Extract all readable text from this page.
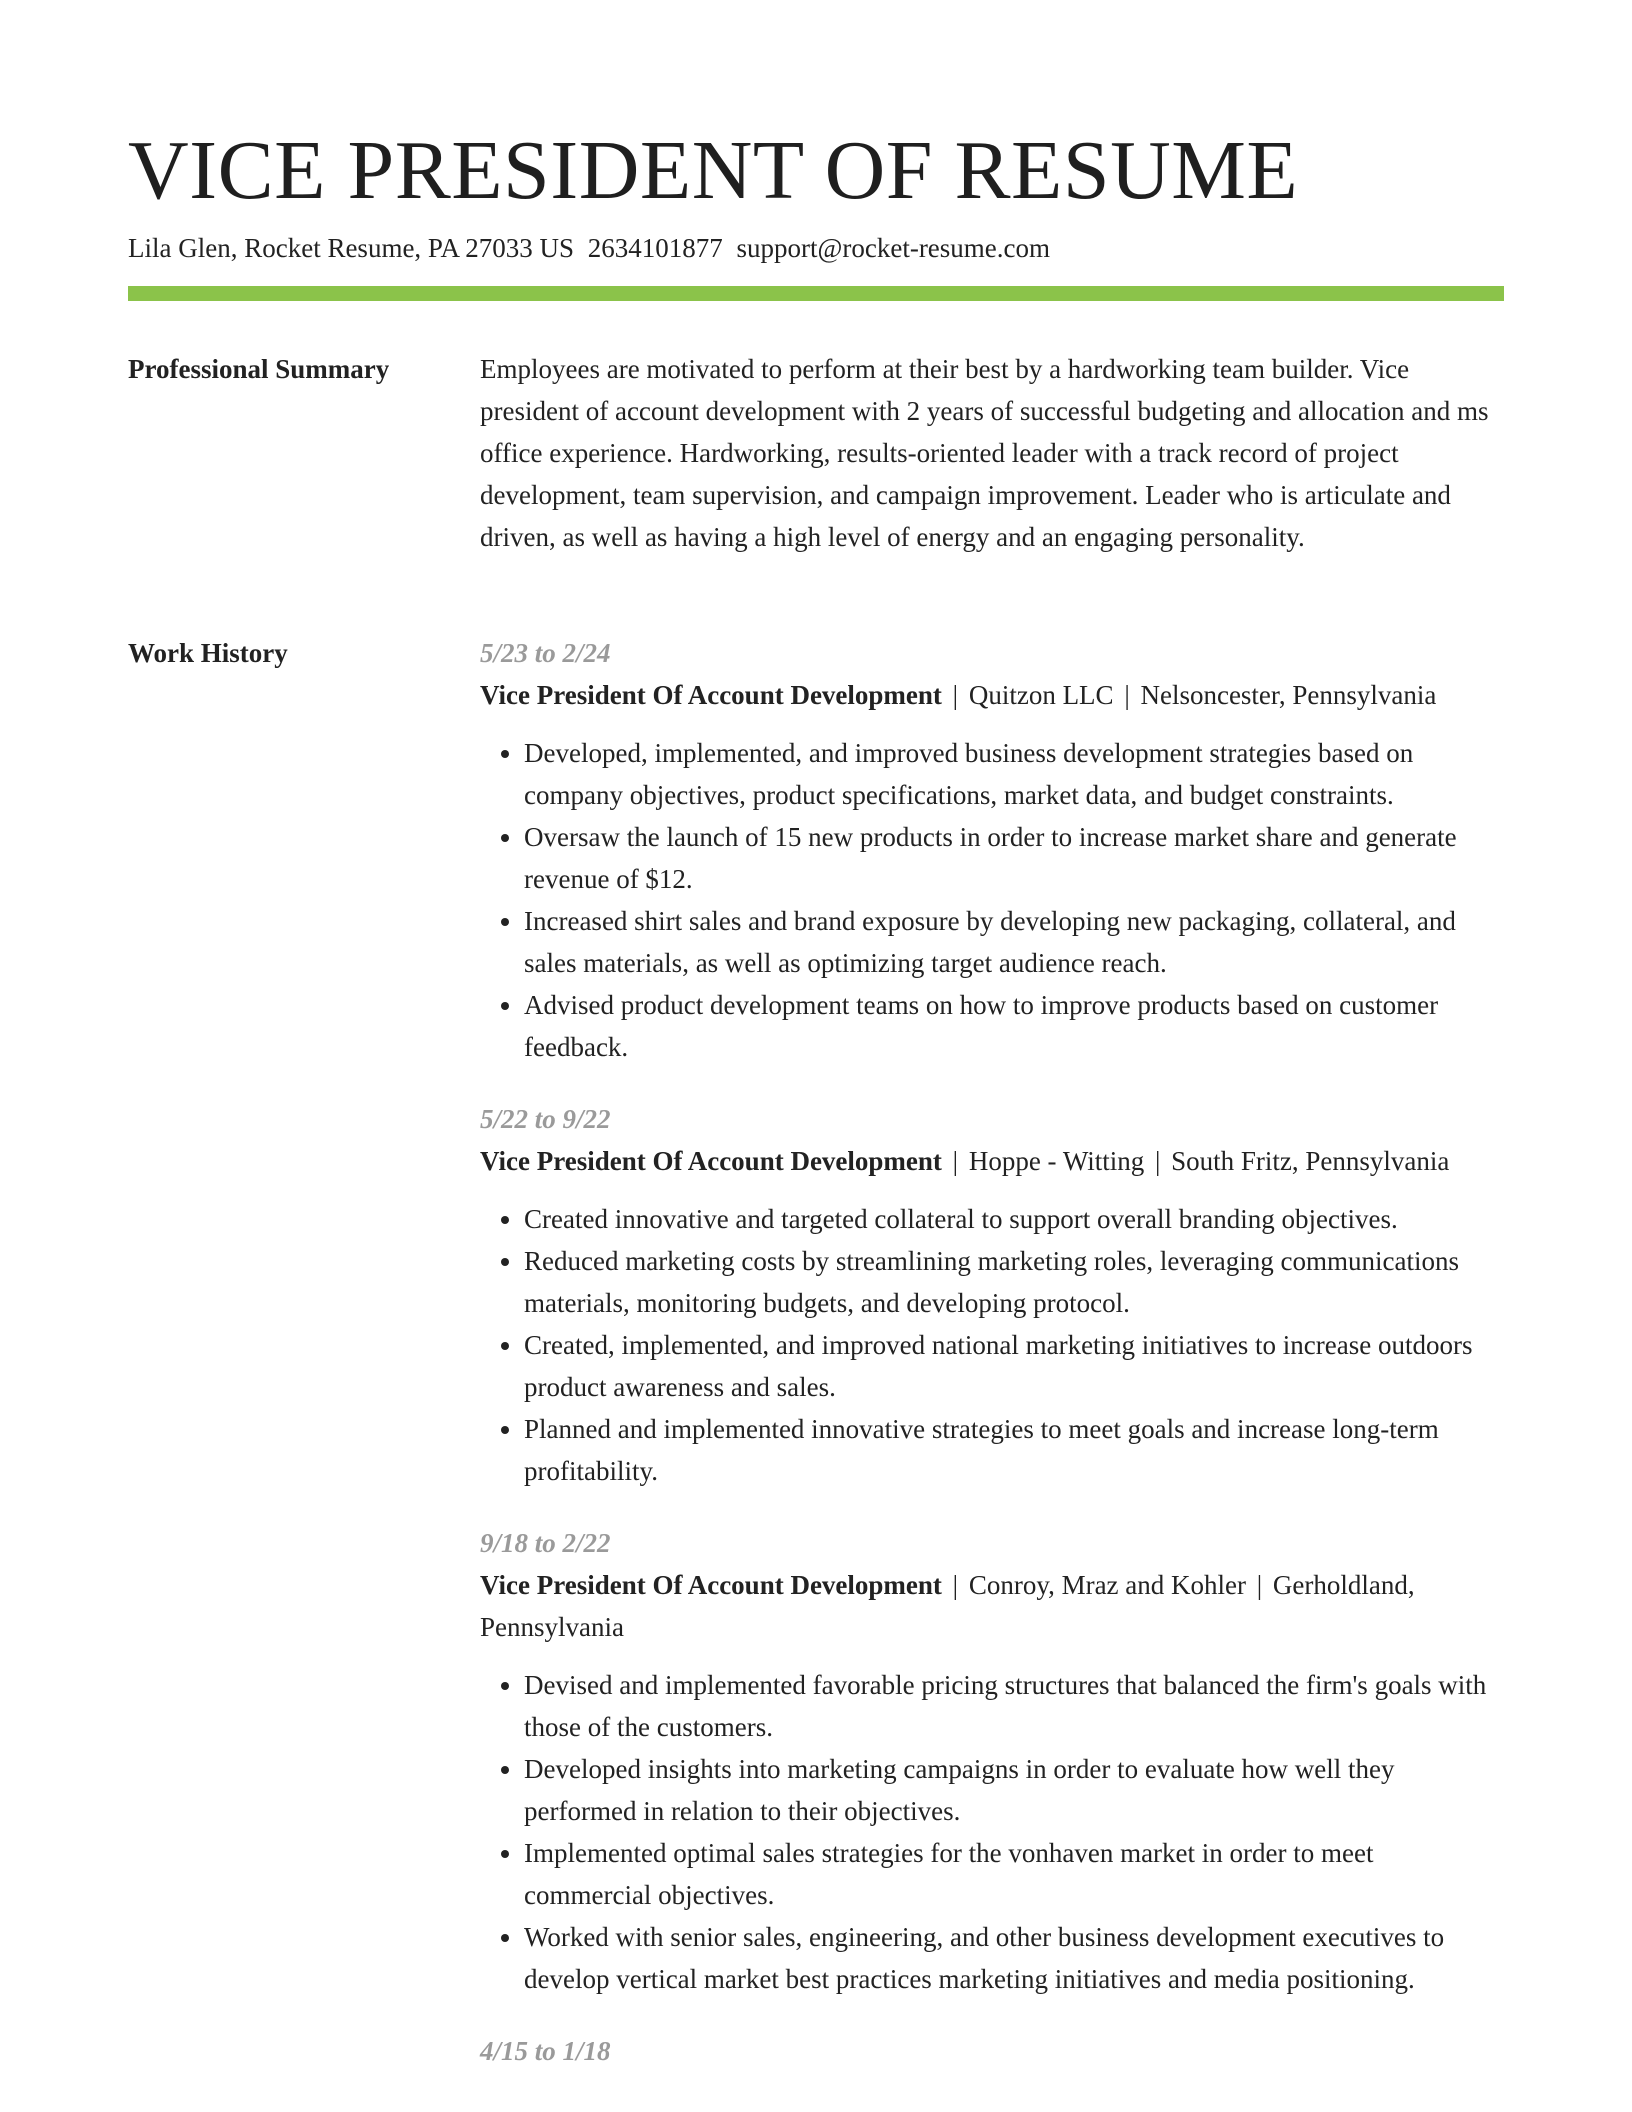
VICE PRESIDENT OF RESUME
Lila Glen, Rocket Resume, PA 27033 US 2634101877 support@rocket-resume.com
Professional Summary	Employees are motivated to perform at their best by a hardworking team builder. Vice president of account development with 2 years of successful budgeting and allocation and ms office experience. Hardworking, results-oriented leader with a track record of project development, team supervision, and campaign improvement. Leader who is articulate and driven, as well as having a high level of energy and an engaging personality.

Work History	5/23 to 2/24
Vice President Of Account Development | Quitzon LLC | Nelsoncester, Pennsylvania
• Developed, implemented, and improved business development strategies based on company objectives, product specifications, market data, and budget constraints.
• Oversaw the launch of 15 new products in order to increase market share and generate revenue of $12.
• Increased shirt sales and brand exposure by developing new packaging, collateral, and sales materials, as well as optimizing target audience reach.
• Advised product development teams on how to improve products based on customer feedback.
5/22 to 9/22
Vice President Of Account Development | Hoppe - Witting | South Fritz, Pennsylvania
• Created innovative and targeted collateral to support overall branding objectives.
• Reduced marketing costs by streamlining marketing roles, leveraging communications materials, monitoring budgets, and developing protocol.
• Created, implemented, and improved national marketing initiatives to increase outdoors product awareness and sales.
• Planned and implemented innovative strategies to meet goals and increase long-term profitability.
9/18 to 2/22
Vice President Of Account Development | Conroy, Mraz and Kohler | Gerholdland, Pennsylvania
• Devised and implemented favorable pricing structures that balanced the firm's goals with those of the customers.
• Developed insights into marketing campaigns in order to evaluate how well they performed in relation to their objectives.
• Implemented optimal sales strategies for the vonhaven market in order to meet commercial objectives.
• Worked with senior sales, engineering, and other business development executives to develop vertical market best practices marketing initiatives and media positioning.
4/15 to 1/18
